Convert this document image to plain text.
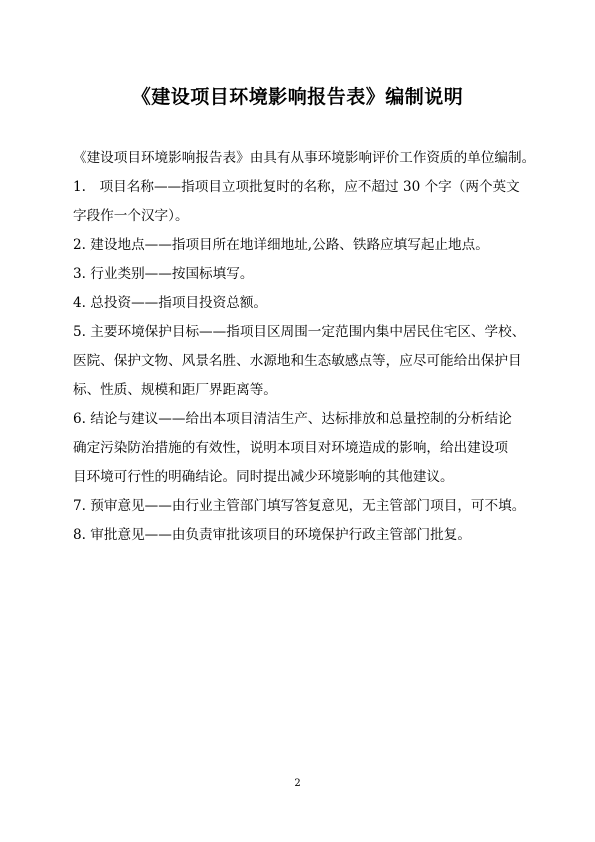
《建设项目环境影响报告表》编制说明
《建设项目环境影响报告表》由具有从事环境影响评价工作资质的单位编制。
1.　项目名称——指项目立项批复时的名称，应不超过 30 个字（两个英文
字段作一个汉字）。
2. 建设地点——指项目所在地详细地址,公路、铁路应填写起止地点。
3. 行业类别——按国标填写。
4. 总投资——指项目投资总额。
5. 主要环境保护目标——指项目区周围一定范围内集中居民住宅区、学校、
医院、保护文物、风景名胜、水源地和生态敏感点等，应尽可能给出保护目
标、性质、规模和距厂界距离等。
6. 结论与建议——给出本项目清洁生产、达标排放和总量控制的分析结论
确定污染防治措施的有效性，说明本项目对环境造成的影响，给出建设项
目环境可行性的明确结论。同时提出减少环境影响的其他建议。
7. 预审意见——由行业主管部门填写答复意见，无主管部门项目，可不填。
8. 审批意见——由负责审批该项目的环境保护行政主管部门批复。
2
